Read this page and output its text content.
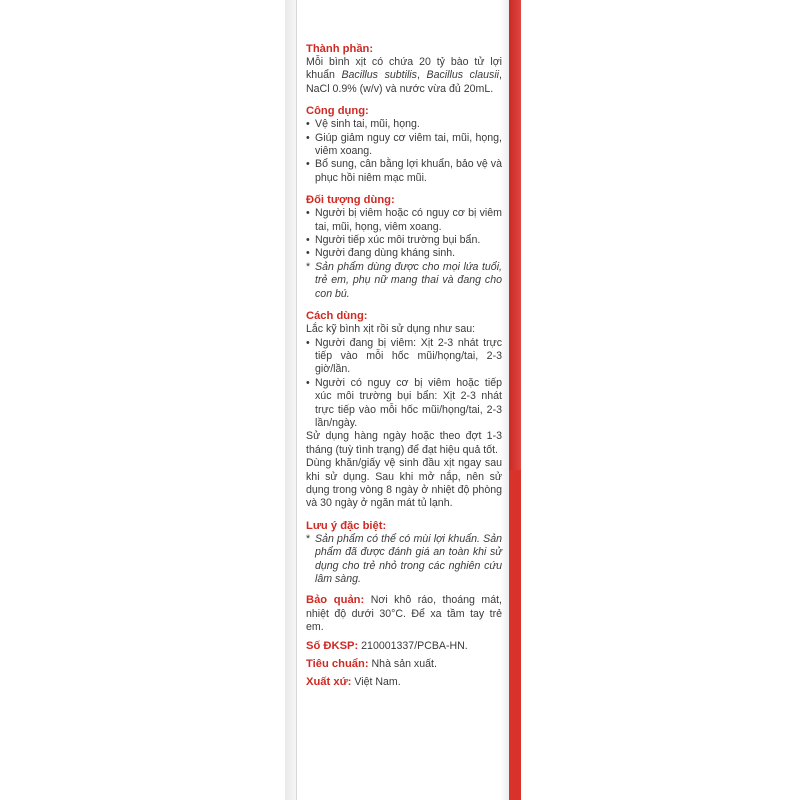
Thành phần:

Mỗi bình xịt có chứa 20 tỷ bào tử lợi khuẩn Bacillus subtilis, Bacillus clausii, NaCl 0.9% (w/v) và nước vừa đủ 20mL.

Công dụng:

• Vệ sinh tai, mũi, họng.
• Giúp giảm nguy cơ viêm tai, mũi, họng, viêm xoang.
• Bổ sung, cân bằng lợi khuẩn, bảo vệ và phục hồi niêm mạc mũi.

Đối tượng dùng:

• Người bị viêm hoặc có nguy cơ bị viêm tai, mũi, họng, viêm xoang.
• Người tiếp xúc môi trường bụi bẩn.
• Người đang dùng kháng sinh.
* Sản phẩm dùng được cho mọi lứa tuổi, trẻ em, phụ nữ mang thai và đang cho con bú.

Cách dùng:

Lắc kỹ bình xịt rồi sử dụng như sau:

• Người đang bị viêm: Xịt 2-3 nhát trực tiếp vào mỗi hốc mũi/họng/tai, 2-3 giờ/lần.
• Người có nguy cơ bị viêm hoặc tiếp xúc môi trường bụi bẩn: Xịt 2-3 nhát trực tiếp vào mỗi hốc mũi/họng/tai, 2-3 lần/ngày.

Sử dụng hàng ngày hoặc theo đợt 1-3 tháng (tuỳ tình trạng) để đạt hiệu quả tốt.

Dùng khăn/giấy vệ sinh đầu xịt ngay sau khi sử dụng. Sau khi mở nắp, nên sử dụng trong vòng 8 ngày ở nhiệt độ phòng và 30 ngày ở ngăn mát tủ lạnh.

Lưu ý đặc biệt:

* Sản phẩm có thể có mùi lợi khuẩn. Sản phẩm đã được đánh giá an toàn khi sử dụng cho trẻ nhỏ trong các nghiên cứu lâm sàng.

Bảo quản: Nơi khô ráo, thoáng mát, nhiệt độ dưới 30°C. Để xa tầm tay trẻ em.

Số ĐKSP: 210001337/PCBA-HN.

Tiêu chuẩn: Nhà sản xuất.

Xuất xứ: Việt Nam.
